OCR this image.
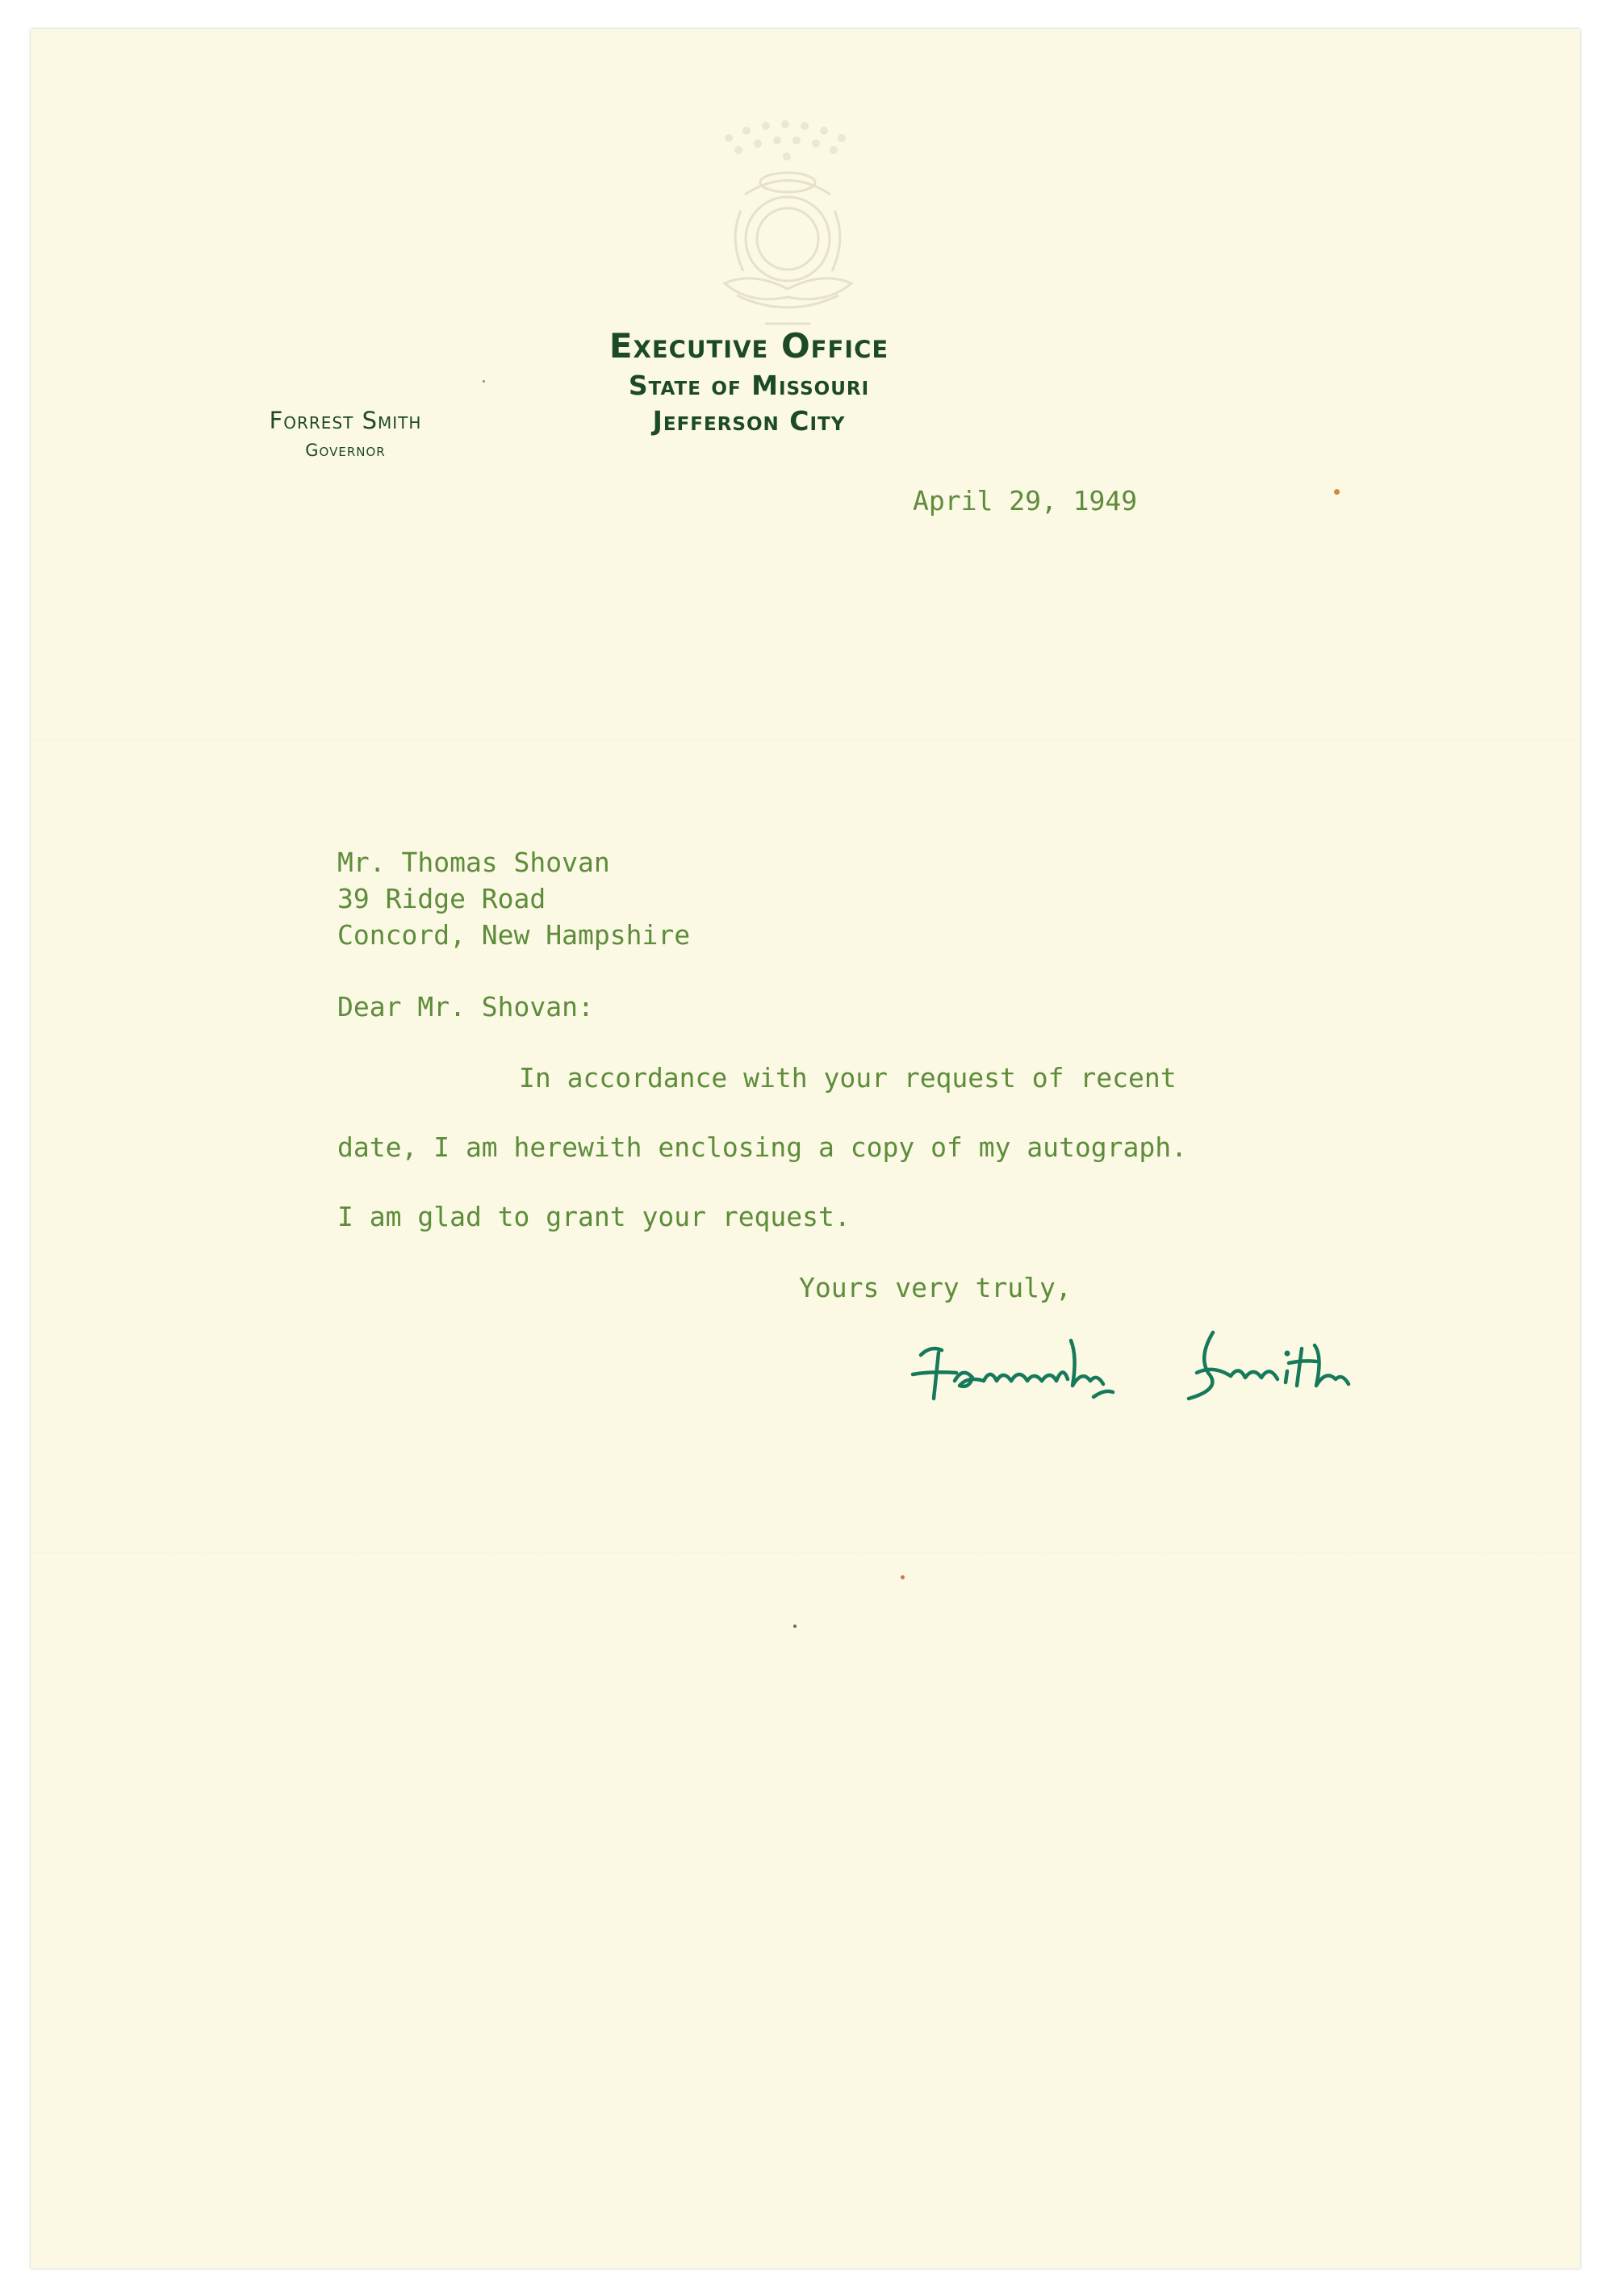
Executive Office
State of Missouri
Jefferson City
Forrest Smith
Governor
April 29, 1949
Mr. Thomas Shovan
39 Ridge Road
Concord, New Hampshire
Dear Mr. Shovan:
In accordance with your request of recent
date, I am herewith enclosing a copy of my autograph.
I am glad to grant your request.
Yours very truly,
